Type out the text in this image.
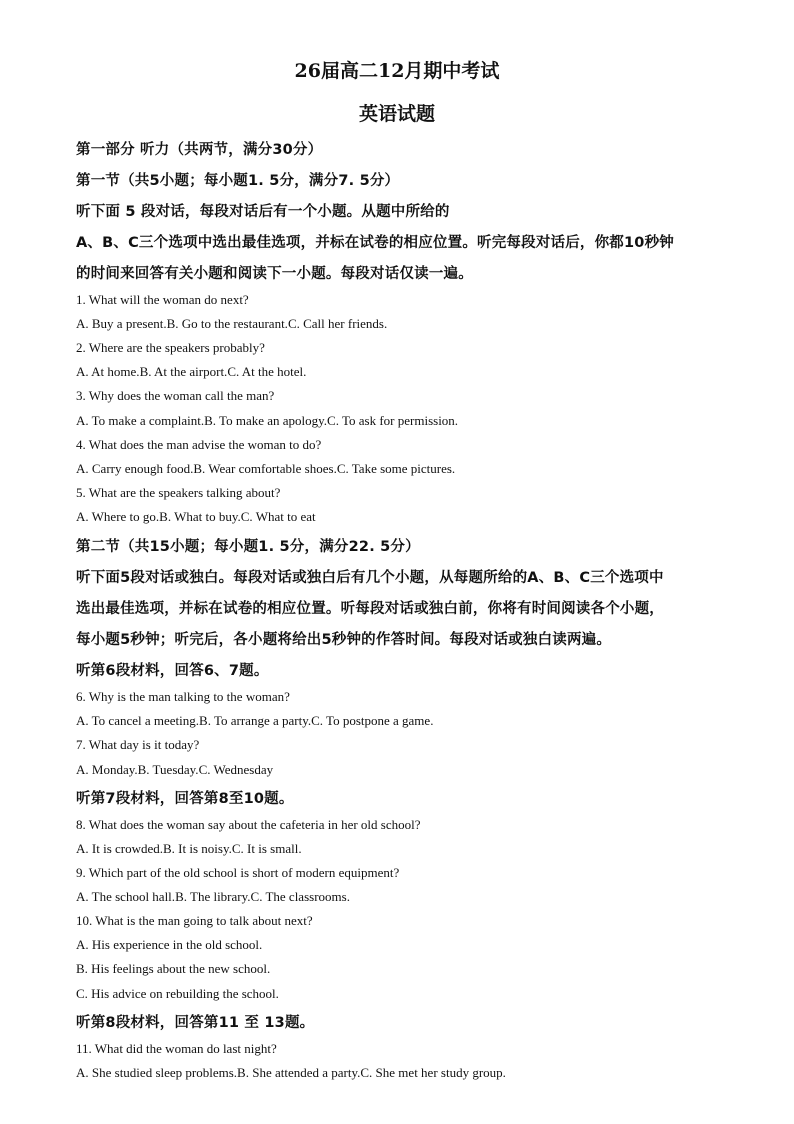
26届高二12月期中考试
英语试题
第一部分 听力（共两节，满分30分）
第一节（共5小题；每小题1. 5分，满分7. 5分）
听下面 5 段对话，每段对话后有一个小题。从题中所给的
A、B、C三个选项中选出最佳选项，并标在试卷的相应位置。听完每段对话后，你都10秒钟
的时间来回答有关小题和阅读下一小题。每段对话仅读一遍。
1. What will the woman do next?
A. Buy a present.B. Go to the restaurant.C. Call her friends.
2. Where are the speakers probably?
A. At home.B. At the airport.C. At the hotel.
3. Why does the woman call the man?
A. To make a complaint.B. To make an apology.C. To ask for permission.
4. What does the man advise the woman to do?
A. Carry enough food.B. Wear comfortable shoes.C. Take some pictures.
5. What are the speakers talking about?
A. Where to go.B. What to buy.C. What to eat
第二节（共15小题；每小题1. 5分，满分22. 5分）
听下面5段对话或独白。每段对话或独白后有几个小题，从每题所给的A、B、C三个选项中
选出最佳选项，并标在试卷的相应位置。听每段对话或独白前，你将有时间阅读各个小题，
每小题5秒钟；听完后，各小题将给出5秒钟的作答时间。每段对话或独白读两遍。
听第6段材料，回答6、7题。
6. Why is the man talking to the woman?
A. To cancel a meeting.B. To arrange a party.C. To postpone a game.
7. What day is it today?
A. Monday.B. Tuesday.C. Wednesday
听第7段材料，回答第8至10题。
8. What does the woman say about the cafeteria in her old school?
A. It is crowded.B. It is noisy.C. It is small.
9. Which part of the old school is short of modern equipment?
A. The school hall.B. The library.C. The classrooms.
10. What is the man going to talk about next?
A. His experience in the old school.
B. His feelings about the new school.
C. His advice on rebuilding the school.
听第8段材料，回答第11 至 13题。
11. What did the woman do last night?
A. She studied sleep problems.B. She attended a party.C. She met her study group.
